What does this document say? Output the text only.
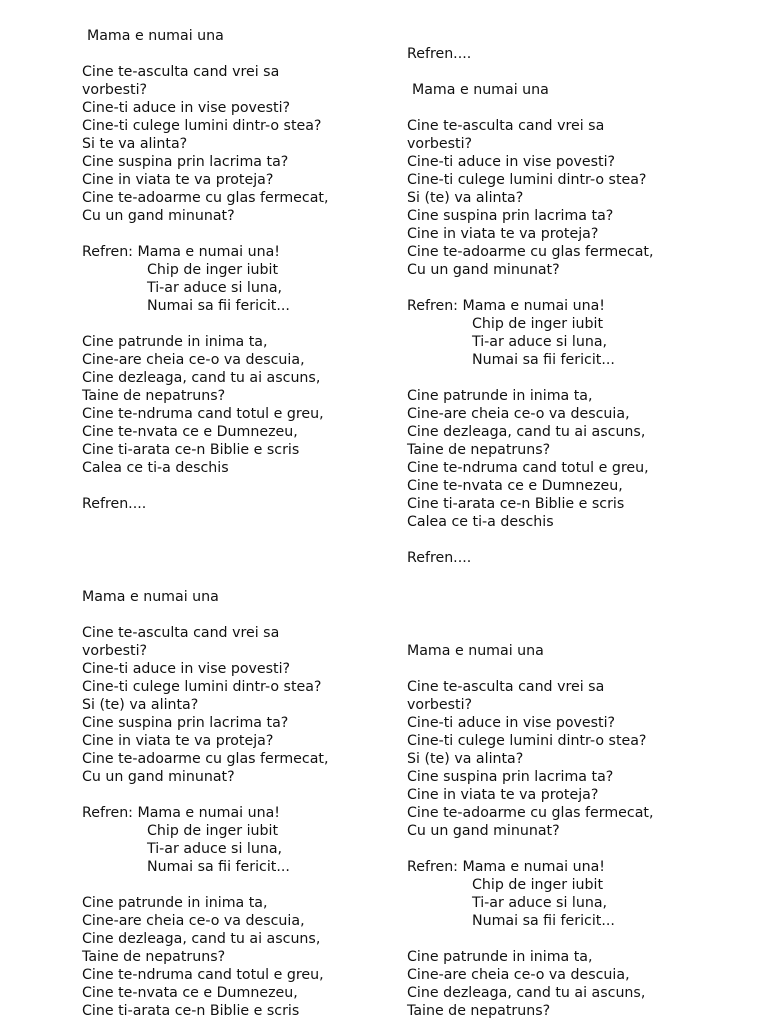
Mama e numai una
Cine te-asculta cand vrei sa
vorbesti?
Cine-ti aduce in vise povesti?
Cine-ti culege lumini dintr-o stea?
Si te va alinta?
Cine suspina prin lacrima ta?
Cine in viata te va proteja?
Cine te-adoarme cu glas fermecat,
Cu un gand minunat?
Refren: Mama e numai una!
Chip de inger iubit
Ti-ar aduce si luna,
Numai sa fii fericit...
Cine patrunde in inima ta,
Cine-are cheia ce-o va descuia,
Cine dezleaga, cand tu ai ascuns,
Taine de nepatruns?
Cine te-ndruma cand totul e greu,
Cine te-nvata ce e Dumnezeu,
Cine ti-arata ce-n Biblie e scris
Calea ce ti-a deschis
Refren....
Refren....
Mama e numai una
Cine te-asculta cand vrei sa
vorbesti?
Cine-ti aduce in vise povesti?
Cine-ti culege lumini dintr-o stea?
Si (te) va alinta?
Cine suspina prin lacrima ta?
Cine in viata te va proteja?
Cine te-adoarme cu glas fermecat,
Cu un gand minunat?
Refren: Mama e numai una!
Chip de inger iubit
Ti-ar aduce si luna,
Numai sa fii fericit...
Cine patrunde in inima ta,
Cine-are cheia ce-o va descuia,
Cine dezleaga, cand tu ai ascuns,
Taine de nepatruns?
Cine te-ndruma cand totul e greu,
Cine te-nvata ce e Dumnezeu,
Cine ti-arata ce-n Biblie e scris
Calea ce ti-a deschis
Refren....
Mama e numai una
Cine te-asculta cand vrei sa
vorbesti?
Cine-ti aduce in vise povesti?
Cine-ti culege lumini dintr-o stea?
Si (te) va alinta?
Cine suspina prin lacrima ta?
Cine in viata te va proteja?
Cine te-adoarme cu glas fermecat,
Cu un gand minunat?
Refren: Mama e numai una!
Chip de inger iubit
Ti-ar aduce si luna,
Numai sa fii fericit...
Cine patrunde in inima ta,
Cine-are cheia ce-o va descuia,
Cine dezleaga, cand tu ai ascuns,
Taine de nepatruns?
Cine te-ndruma cand totul e greu,
Cine te-nvata ce e Dumnezeu,
Cine ti-arata ce-n Biblie e scris
Mama e numai una
Cine te-asculta cand vrei sa
vorbesti?
Cine-ti aduce in vise povesti?
Cine-ti culege lumini dintr-o stea?
Si (te) va alinta?
Cine suspina prin lacrima ta?
Cine in viata te va proteja?
Cine te-adoarme cu glas fermecat,
Cu un gand minunat?
Refren: Mama e numai una!
Chip de inger iubit
Ti-ar aduce si luna,
Numai sa fii fericit...
Cine patrunde in inima ta,
Cine-are cheia ce-o va descuia,
Cine dezleaga, cand tu ai ascuns,
Taine de nepatruns?
